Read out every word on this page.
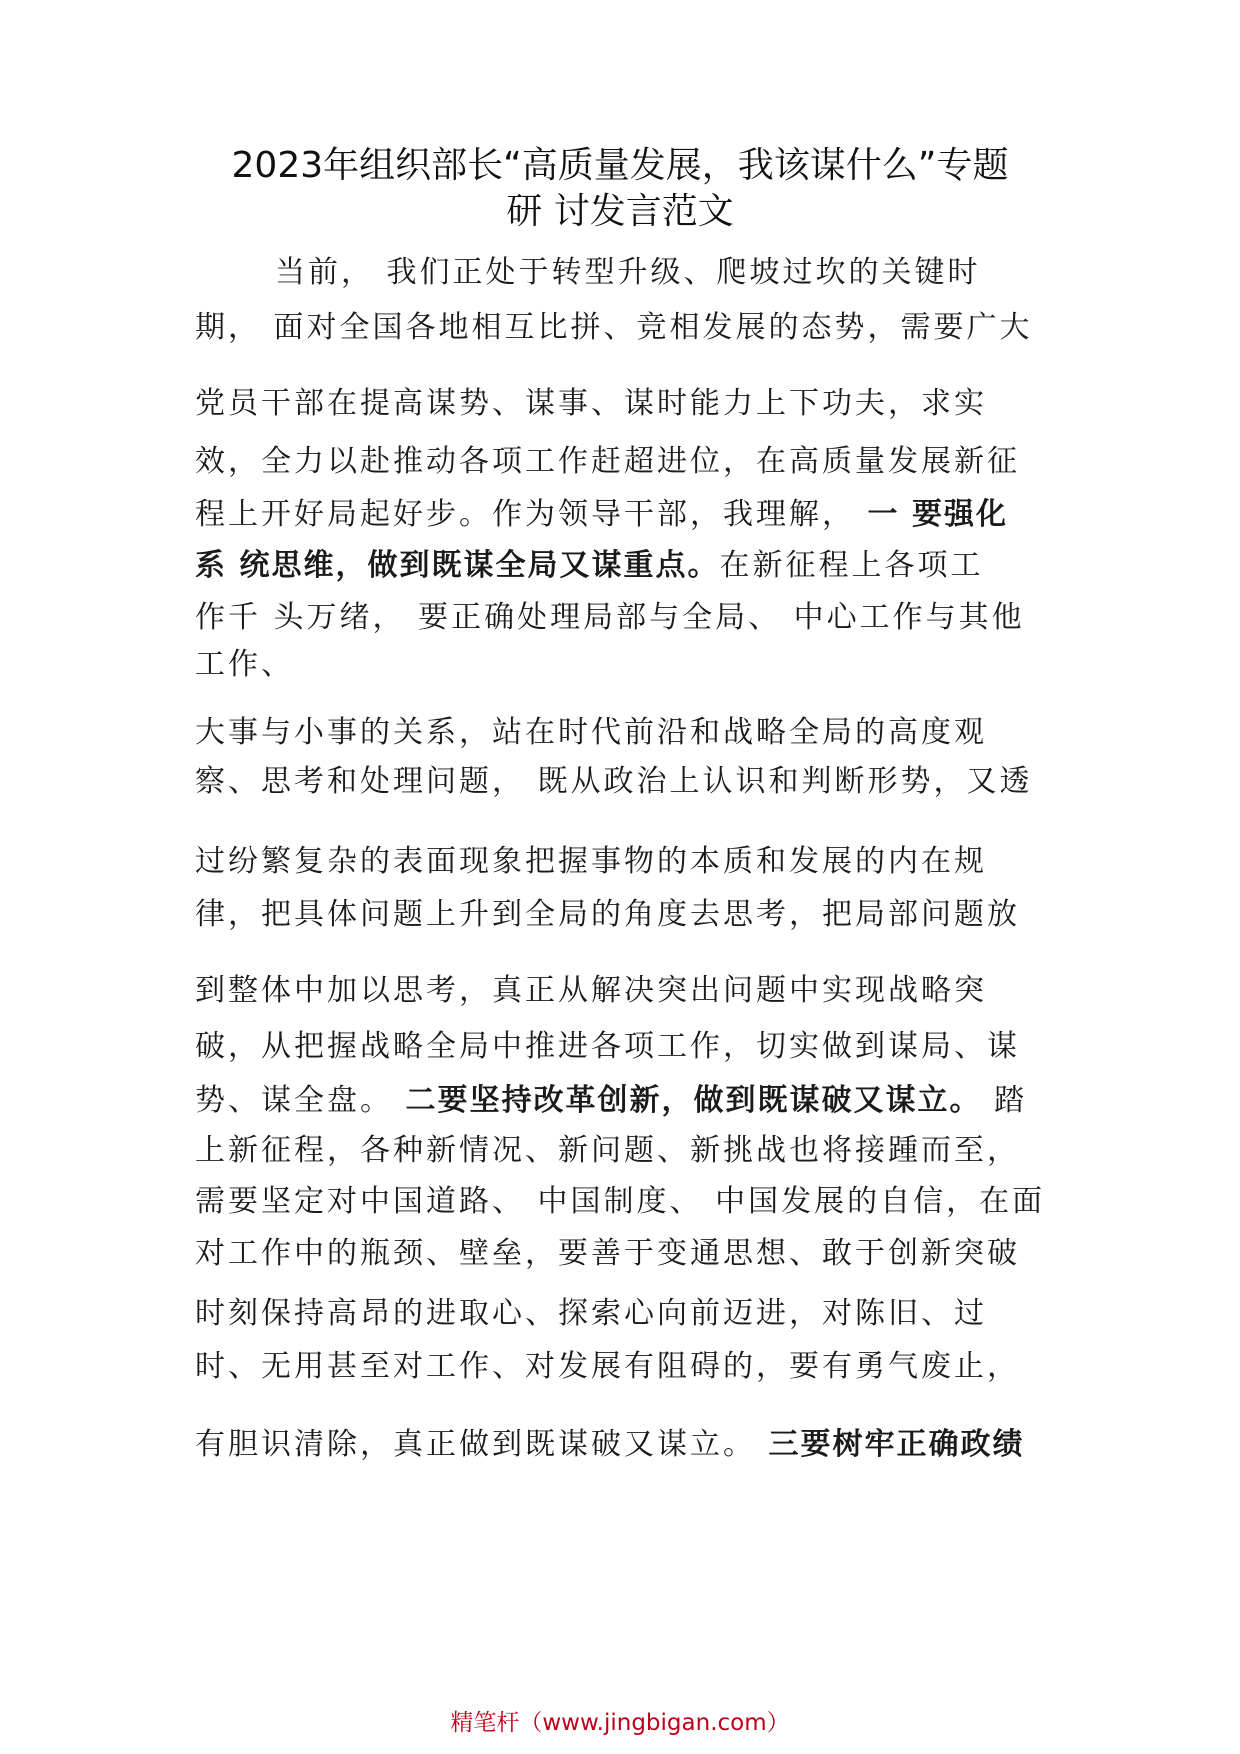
2023年组织部长“高质量发展，我该谋什么”专题
研 讨发言范文

当前， 我们正处于转型升级、爬坡过坎的关键时

期， 面对全国各地相互比拼、竞相发展的态势，需要广大

党员干部在提高谋势、谋事、谋时能力上下功夫，求实

效，全力以赴推动各项工作赶超进位，在高质量发展新征

程上开好局起好步。作为领导干部，我理解， 一 要强化

系 统思维，做到既谋全局又谋重点。在新征程上各项工

作千 头万绪， 要正确处理局部与全局、 中心工作与其他

工作、

大事与小事的关系，站在时代前沿和战略全局的高度观

察、思考和处理问题， 既从政治上认识和判断形势，又透

过纷繁复杂的表面现象把握事物的本质和发展的内在规

律，把具体问题上升到全局的角度去思考，把局部问题放

到整体中加以思考，真正从解决突出问题中实现战略突

破，从把握战略全局中推进各项工作，切实做到谋局、谋

势、谋全盘。 二要坚持改革创新，做到既谋破又谋立。 踏

上新征程，各种新情况、新问题、新挑战也将接踵而至，

需要坚定对中国道路、 中国制度、 中国发展的自信，在面

对工作中的瓶颈、壁垒，要善于变通思想、敢于创新突破

时刻保持高昂的进取心、探索心向前迈进，对陈旧、过

时、无用甚至对工作、对发展有阻碍的，要有勇气废止，

有胆识清除，真正做到既谋破又谋立。 三要树牢正确政绩

精笔杆（www.jingbigan.com）
